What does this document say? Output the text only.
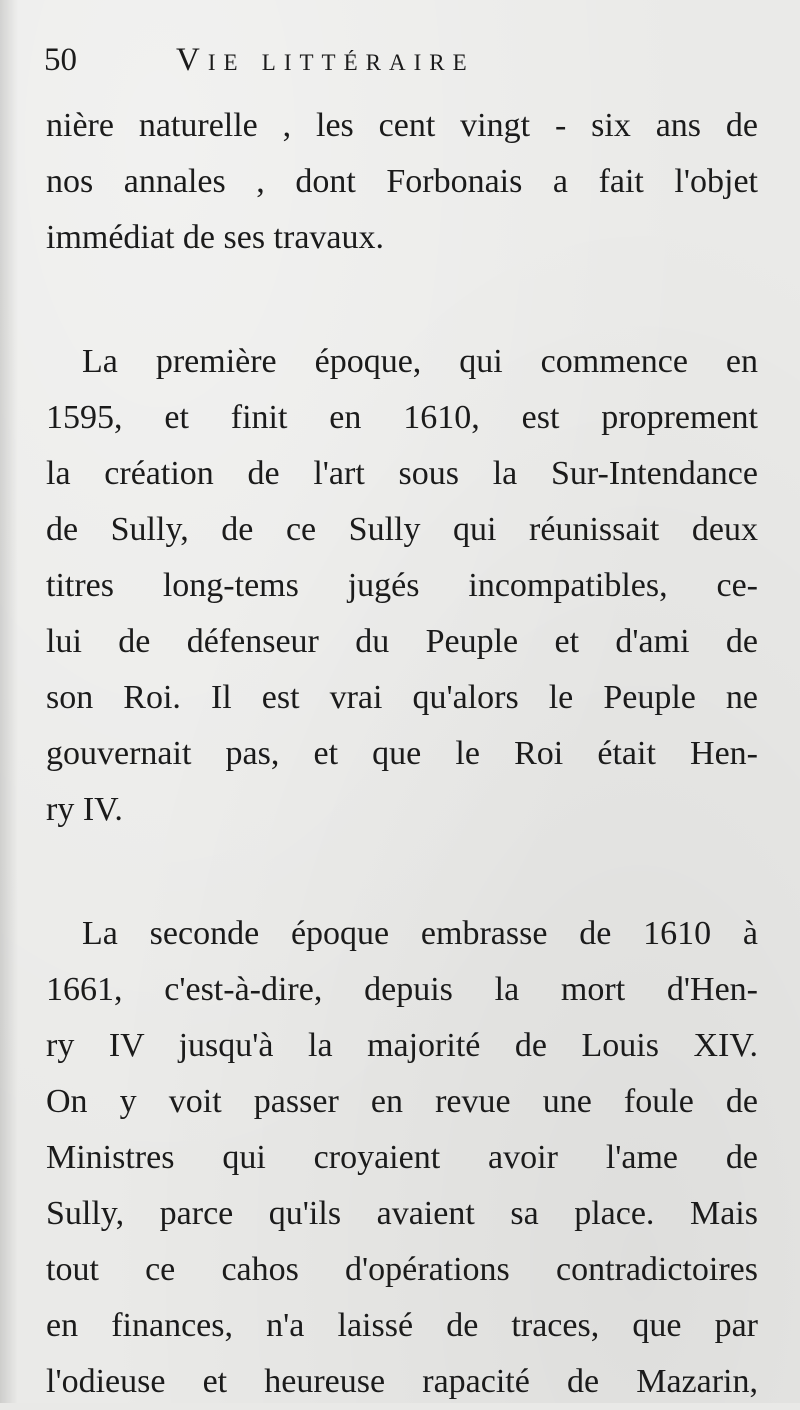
50	Vie littéraire
nière naturelle , les cent vingt - six ans de
nos annales , dont Forbonais a fait l'objet
immédiat de ses travaux.
La première époque, qui commence en
1595, et finit en 1610, est proprement
la création de l'art sous la Sur-Intendance
de Sully, de ce Sully qui réunissait deux
titres long-tems jugés incompatibles, ce-
lui de défenseur du Peuple et d'ami de
son Roi. Il est vrai qu'alors le Peuple ne
gouvernait pas, et que le Roi était Hen-
ry IV.
La seconde époque embrasse de 1610 à
1661, c'est-à-dire, depuis la mort d'Hen-
ry IV jusqu'à la majorité de Louis XIV.
On y voit passer en revue une foule de
Ministres qui croyaient avoir l'ame de
Sully, parce qu'ils avaient sa place. Mais
tout ce cahos d'opérations contradictoires
en finances, n'a laissé de traces, que par
l'odieuse et heureuse rapacité de Mazarin,
